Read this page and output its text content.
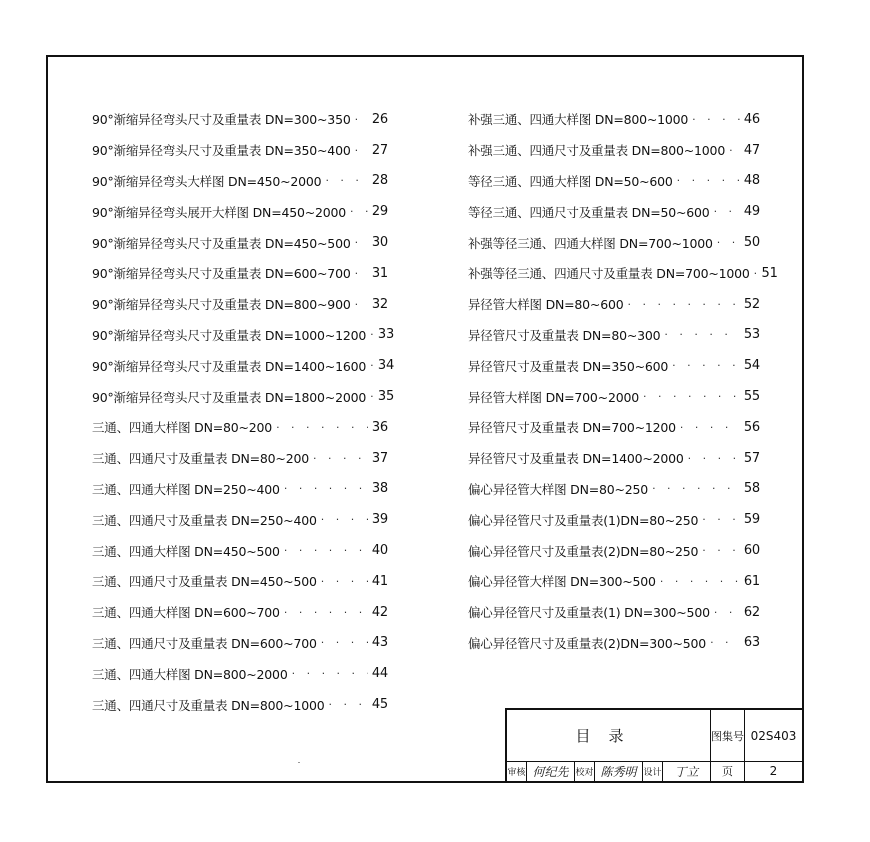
90°渐缩异径弯头尺寸及重量表 DN=300~350 · · · 26
90°渐缩异径弯头尺寸及重量表 DN=350~400 · · · 27
90°渐缩异径弯头大样图 DN=450~2000 · · ·	28
90°渐缩异径弯头展开大样图 DN=450~2000 · · · 29
90°渐缩异径弯头尺寸及重量表 DN=450~500 · · · 30
90°渐缩异径弯头尺寸及重量表 DN=600~700 · · · 31
90°渐缩异径弯头尺寸及重量表 DN=800~900 · · · 32
90°渐缩异径弯头尺寸及重量表 DN=1000~1200 · · · 33
90°渐缩异径弯头尺寸及重量表 DN=1400~1600 · · · 34
90°渐缩异径弯头尺寸及重量表 DN=1800~2000 · · · 35
三通、四通大样图 DN=80~200 · · ·	36
三通、四通尺寸及重量表 DN=80~200 · · ·	37
三通、四通大样图 DN=250~400 · · ·	38
三通、四通尺寸及重量表 DN=250~400 · · ·	39
三通、四通大样图 DN=450~500 · · ·	40
三通、四通尺寸及重量表 DN=450~500 · · ·	41
三通、四通大样图 DN=600~700 · · ·	42
三通、四通尺寸及重量表 DN=600~700 · · ·	43
三通、四通大样图 DN=800~2000 · · ·	44
三通、四通尺寸及重量表 DN=800~1000 · · ·	45
补强三通、四通大样图 DN=800~1000 · · ·	46
补强三通、四通尺寸及重量表 DN=800~1000 · · · 47
等径三通、四通大样图 DN=50~600 · · ·	48
等径三通、四通尺寸及重量表 DN=50~600 · · ·	49
补强等径三通、四通大样图 DN=700~1000 · · · 50
补强等径三通、四通尺寸及重量表 DN=700~1000 · · · 51
异径管大样图 DN=80~600 · · ·	52
异径管尺寸及重量表 DN=80~300 · · ·	53
异径管尺寸及重量表 DN=350~600 · · ·	54
异径管大样图 DN=700~2000 · · ·	55
异径管尺寸及重量表 DN=700~1200 · · ·	56
异径管尺寸及重量表 DN=1400~2000 · · ·	57
偏心异径管大样图 DN=80~250 · · ·	58
偏心异径管尺寸及重量表(1)DN=80~250 · · ·	59
偏心异径管尺寸及重量表(2)DN=80~250 · · ·	60
偏心异径管大样图 DN=300~500 · · ·	61
偏心异径管尺寸及重量表(1) DN=300~500 · · ·	62
偏心异径管尺寸及重量表(2)DN=300~500 · · ·	63
目录	图集号 02S403
审核 何纪先 校对 陈秀明 设计	丁立	页	2
